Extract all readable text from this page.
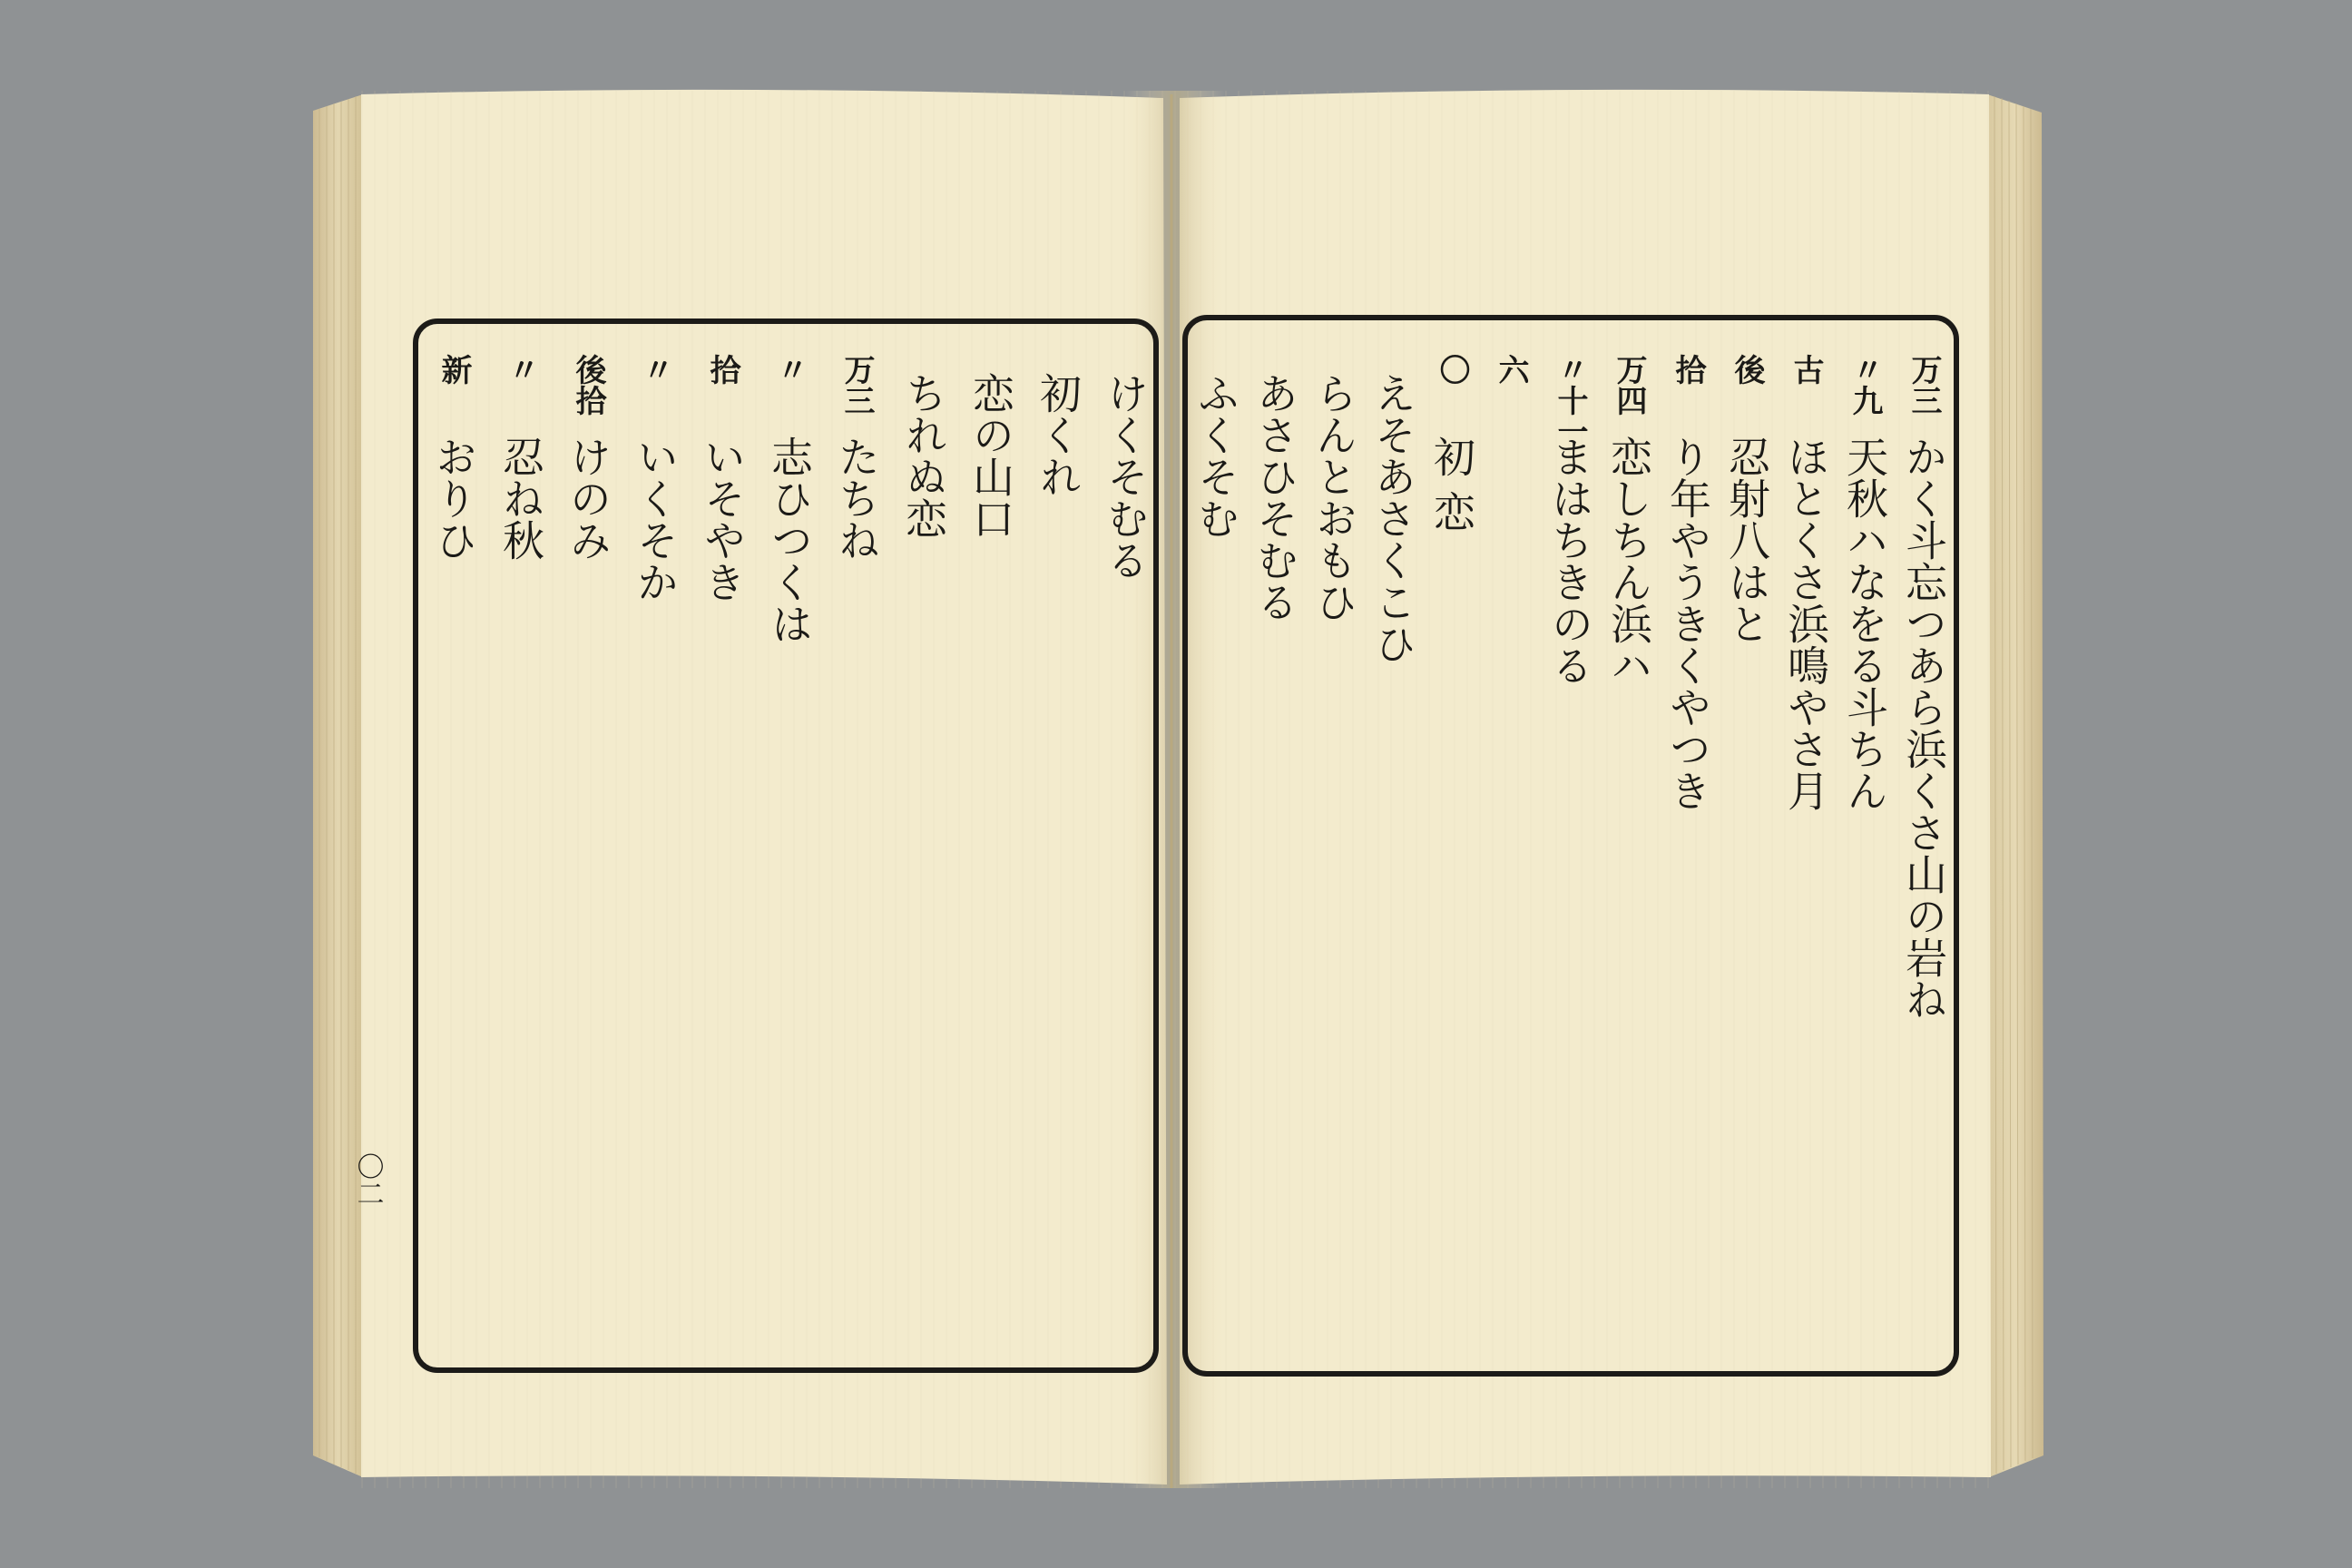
〇二
万三
かく斗忘つあら浜くさ山の岩ね
〃九
天秋ハなをる斗ちん
古
ほとくさ浜鳴やさ月
後
忍射八はと
拾
り年やうきくやつき
万四
恋しちん浜ハ
〃十一
まはちきのる
六
〇
初 恋
えそあさくこひ
らんとおもひ
あさひそむる
ふくそむ
けくそむる
初くれ
恋の山口
ちれぬ恋
万三
たちね
〃
志ひつくは
拾
いそやき
〃
いくそか
後拾
けのみ
〃
忍ね秋
新
おりひ
